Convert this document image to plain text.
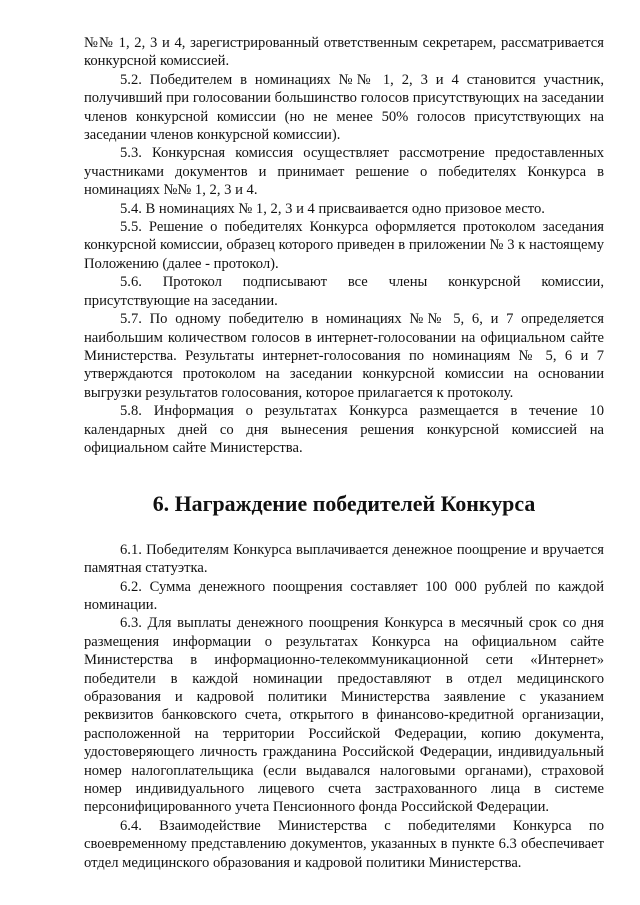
№№ 1, 2, 3 и 4, зарегистрированный ответственным секретарем, рассматривается конкурсной комиссией.

5.2. Победителем в номинациях №№ 1, 2, 3 и 4 становится участник, получивший при голосовании большинство голосов присутствующих на заседании членов конкурсной комиссии (но не менее 50% голосов присутствующих на заседании членов конкурсной комиссии).

5.3. Конкурсная комиссия осуществляет рассмотрение предоставленных участниками документов и принимает решение о победителях Конкурса в номинациях №№ 1, 2, 3 и 4.

5.4. В номинациях № 1, 2, 3 и 4 присваивается одно призовое место.

5.5. Решение о победителях Конкурса оформляется протоколом заседания конкурсной комиссии, образец которого приведен в приложении № 3 к настоящему Положению (далее - протокол).

5.6. Протокол подписывают все члены конкурсной комиссии, присутствующие на заседании.

5.7. По одному победителю в номинациях №№ 5, 6, и 7 определяется наибольшим количеством голосов в интернет-голосовании на официальном сайте Министерства. Результаты интернет-голосования по номинациям № 5, 6 и 7 утверждаются протоколом на заседании конкурсной комиссии на основании выгрузки результатов голосования, которое прилагается к протоколу.

5.8. Информация о результатах Конкурса размещается в течение 10 календарных дней со дня вынесения решения конкурсной комиссией на официальном сайте Министерства.

6. Награждение победителей Конкурса

6.1. Победителям Конкурса выплачивается денежное поощрение и вручается памятная статуэтка.

6.2. Сумма денежного поощрения составляет 100 000 рублей по каждой номинации.

6.3. Для выплаты денежного поощрения Конкурса в месячный срок со дня размещения информации о результатах Конкурса на официальном сайте Министерства в информационно-телекоммуникационной сети «Интернет» победители в каждой номинации предоставляют в отдел медицинского образования и кадровой политики Министерства заявление с указанием реквизитов банковского счета, открытого в финансово-кредитной организации, расположенной на территории Российской Федерации, копию документа, удостоверяющего личность гражданина Российской Федерации, индивидуальный номер налогоплательщика (если выдавался налоговыми органами), страховой номер индивидуального лицевого счета застрахованного лица в системе персонифицированного учета Пенсионного фонда Российской Федерации.

6.4. Взаимодействие Министерства с победителями Конкурса по своевременному представлению документов, указанных в пункте 6.3 обеспечивает отдел медицинского образования и кадровой политики Министерства.
